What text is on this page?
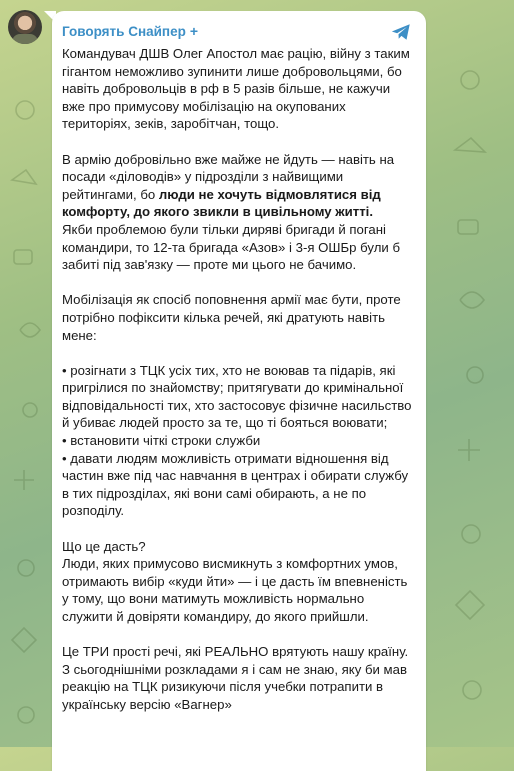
Говорять Снайпер +

Командувач ДШВ Олег Апостол має рацію, війну з таким гігантом неможливо зупинити лише добровольцями, бо навіть добровольців в рф в 5 разів більше, не кажучи вже про примусову мобілізацію на окупованих територіях, зеків, заробітчан, тощо.

В армію добровільно вже майже не йдуть — навіть на посади «діловодів» у підрозділи з найвищими рейтингами, бо люди не хочуть відмовлятися від комфорту, до якого звикли в цивільному житті.

Якби проблемою були тільки диряві бригади й погані командири, то 12-та бригада «Азов» і 3-я ОШБр були б забиті під зав'язку — проте ми цього не бачимо.

Мобілізація як спосіб поповнення армії має бути, проте потрібно пофіксити кілька речей, які дратують навіть мене:

• розігнати з ТЦК усіх тих, хто не воював та підарів, які пригрілися по знайомству; притягувати до кримінальної відповідальності тих, хто застосовує фізичне насильство й убиває людей просто за те, що ті бояться воювати;

• встановити чіткі строки служби

• давати людям можливість отримати відношення від частин вже під час навчання в центрах і обирати службу в тих підрозділах, які вони самі обирають, а не по розподілу.

Що це дасть?

Люди, яких примусово висмикнуть з комфортних умов, отримають вибір «куди йти» — і це дасть їм впевненість у тому, що вони матимуть можливість нормально служити й довіряти командиру, до якого прийшли.

Це ТРИ прості речі, які РЕАЛЬНО врятують нашу країну. З сьогоднішніми розкладами я і сам не знаю, яку би мав реакцію на ТЦК ризикуючи після учебки потрапити в українську версію «Вагнер»
